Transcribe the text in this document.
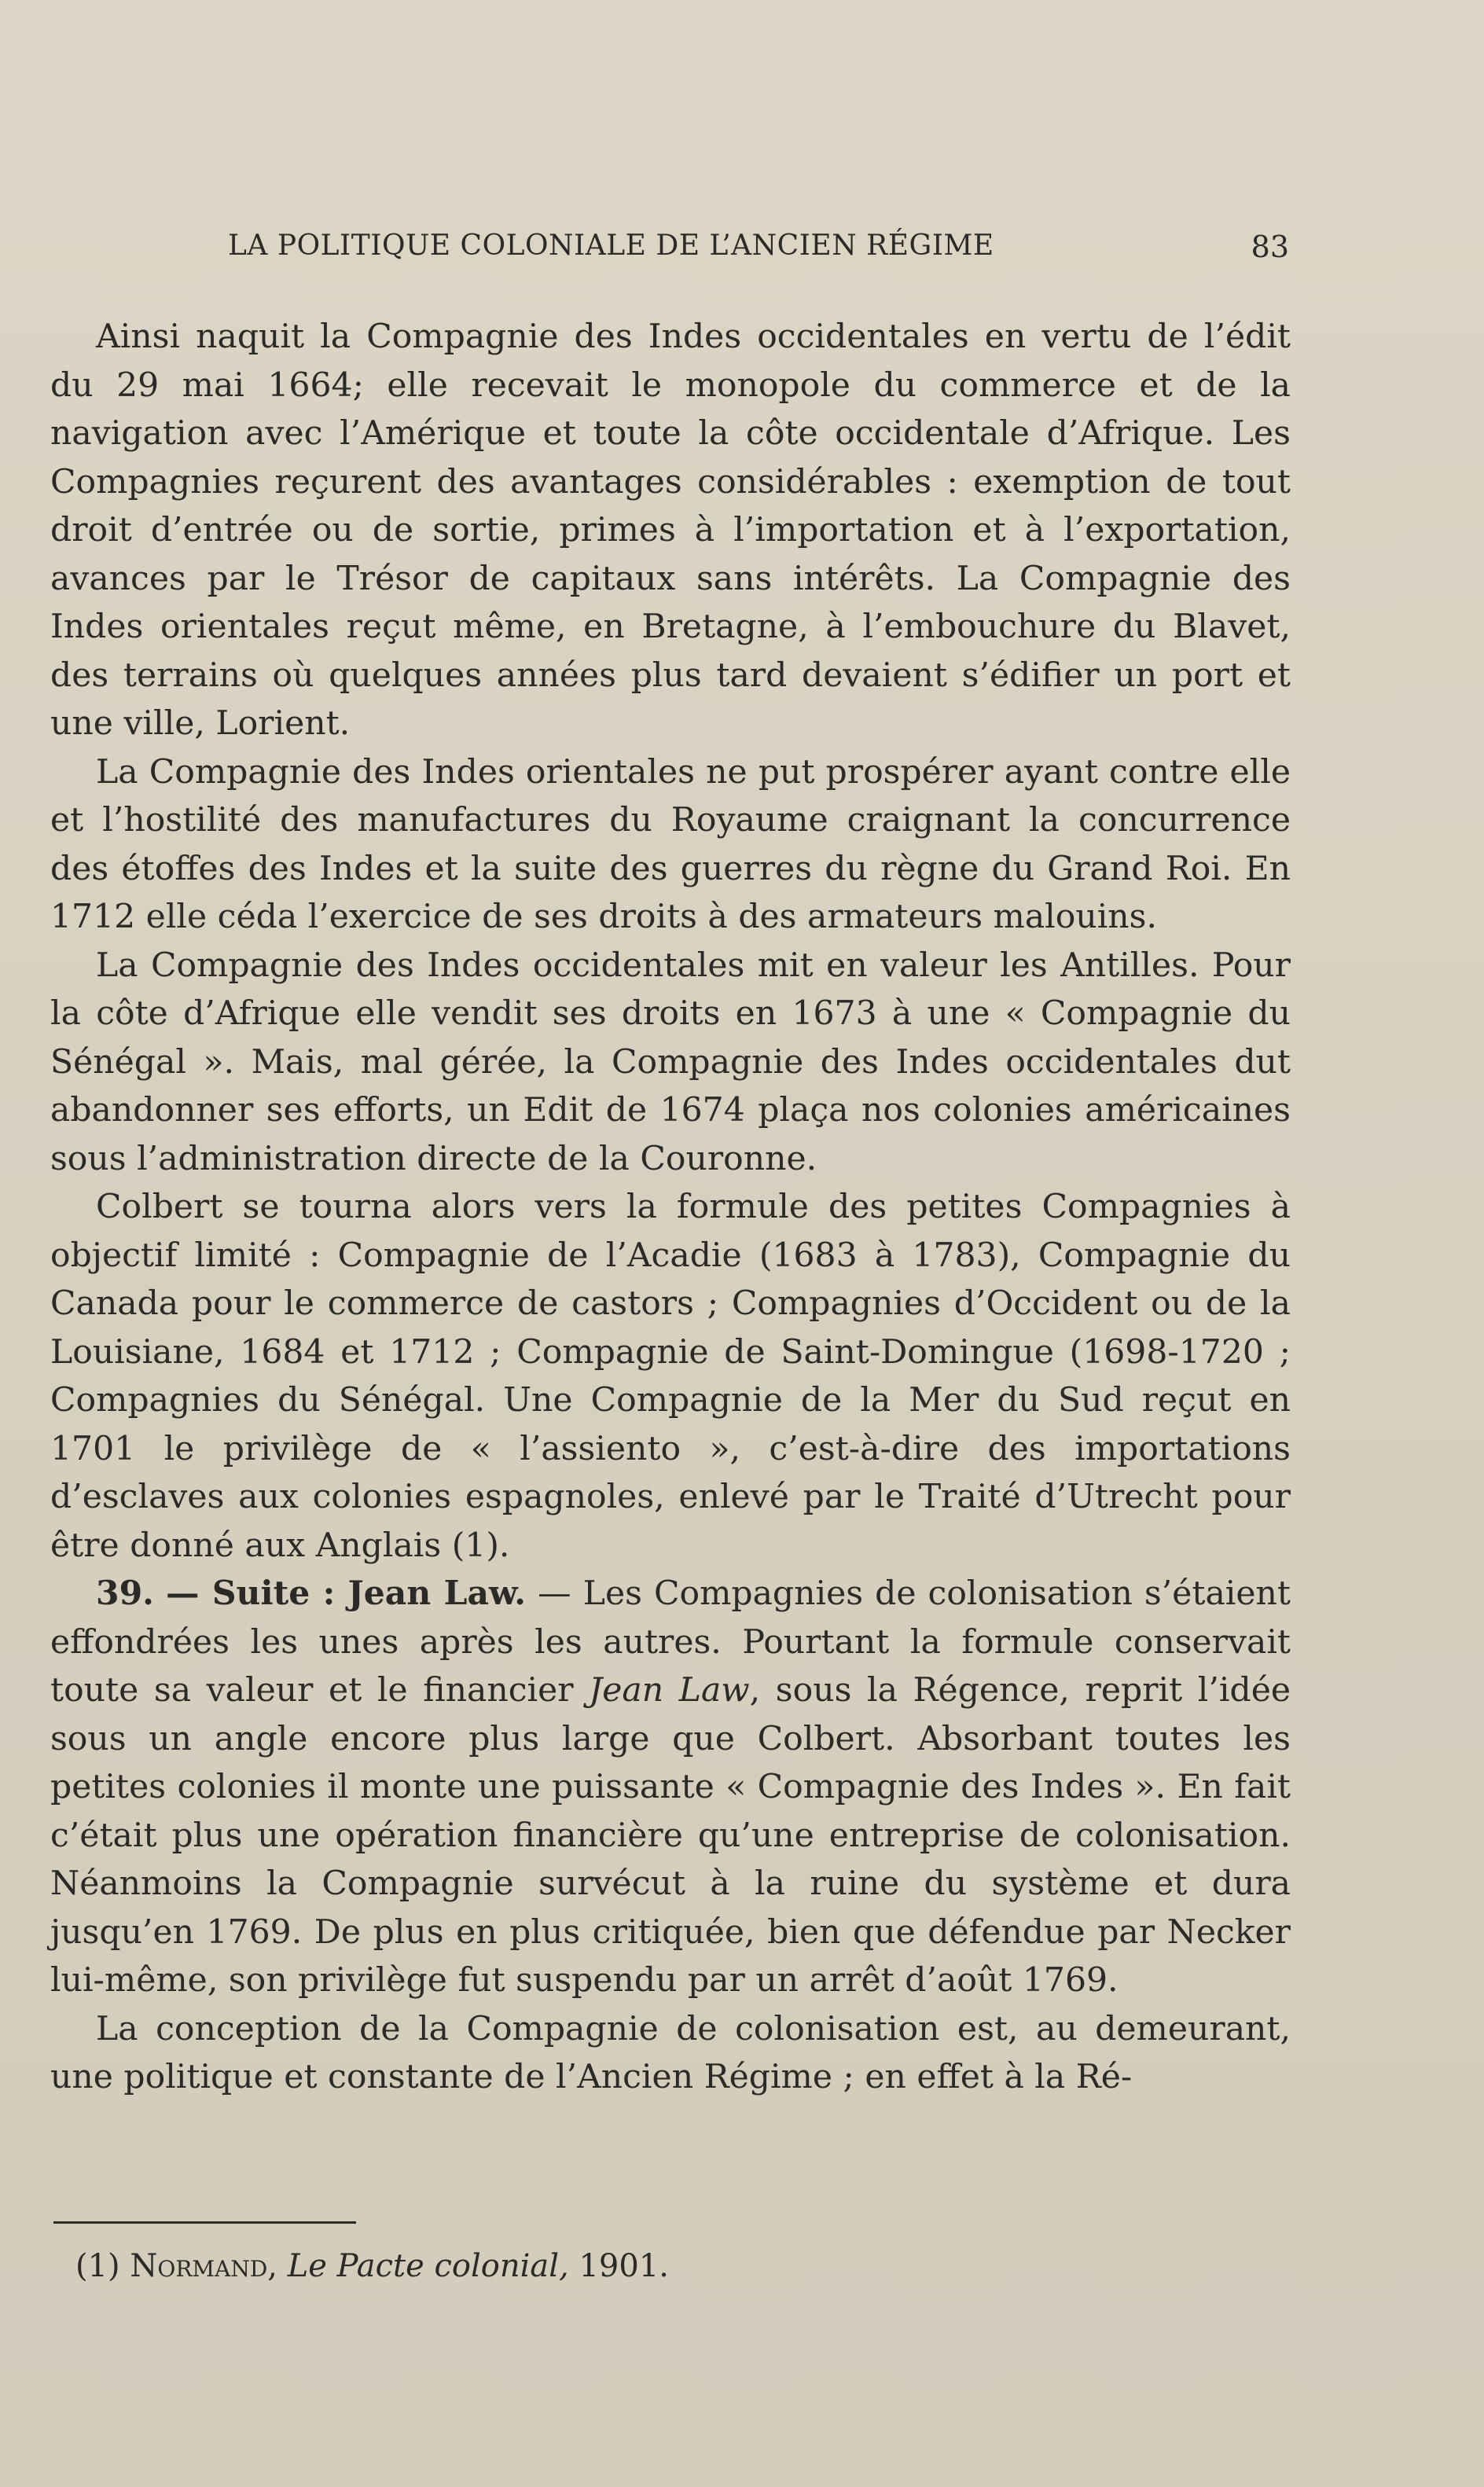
LA POLITIQUE COLONIALE DE L’ANCIEN RÉGIME	83

Ainsi naquit la Compagnie des Indes occidentales en vertu de l’édit du 29 mai 1664; elle recevait le monopole du commerce et de la navigation avec l’Amérique et toute la côte occidentale d’Afrique. Les Compagnies reçurent des avantages considérables : exemption de tout droit d’entrée ou de sortie, primes à l’importation et à l’exportation, avances par le Trésor de capitaux sans intérêts. La Compagnie des Indes orientales reçut même, en Bretagne, à l’embouchure du Blavet, des terrains où quelques années plus tard devaient s’édifier un port et une ville, Lorient.

La Compagnie des Indes orientales ne put prospérer ayant contre elle et l’hostilité des manufactures du Royaume craignant la concurrence des étoffes des Indes et la suite des guerres du règne du Grand Roi. En 1712 elle céda l’exercice de ses droits à des armateurs malouins.

La Compagnie des Indes occidentales mit en valeur les Antilles. Pour la côte d’Afrique elle vendit ses droits en 1673 à une « Compagnie du Sénégal ». Mais, mal gérée, la Compagnie des Indes occidentales dut abandonner ses efforts, un Edit de 1674 plaça nos colonies américaines sous l’administration directe de la Couronne.

Colbert se tourna alors vers la formule des petites Compagnies à objectif limité : Compagnie de l’Acadie (1683 à 1783), Compagnie du Canada pour le commerce de castors ; Compagnies d’Occident ou de la Louisiane, 1684 et 1712 ; Compagnie de Saint-Domingue (1698-1720 ; Compagnies du Sénégal. Une Compagnie de la Mer du Sud reçut en 1701 le privilège de « l’assiento », c’est-à-dire des importations d’esclaves aux colonies espagnoles, enlevé par le Traité d’Utrecht pour être donné aux Anglais (1).

39. — Suite : Jean Law. — Les Compagnies de colonisation s’étaient effondrées les unes après les autres. Pourtant la formule conservait toute sa valeur et le financier Jean Law, sous la Régence, reprit l’idée sous un angle encore plus large que Colbert. Absorbant toutes les petites colonies il monte une puissante « Compagnie des Indes ». En fait c’était plus une opération financière qu’une entreprise de colonisation. Néanmoins la Compagnie survécut à la ruine du système et dura jusqu’en 1769. De plus en plus critiquée, bien que défendue par Necker lui-même, son privilège fut suspendu par un arrêt d’août 1769.

La conception de la Compagnie de colonisation est, au demeurant, une politique et constante de l’Ancien Régime ; en effet à la Ré-

(1) Normand, Le Pacte colonial, 1901.
